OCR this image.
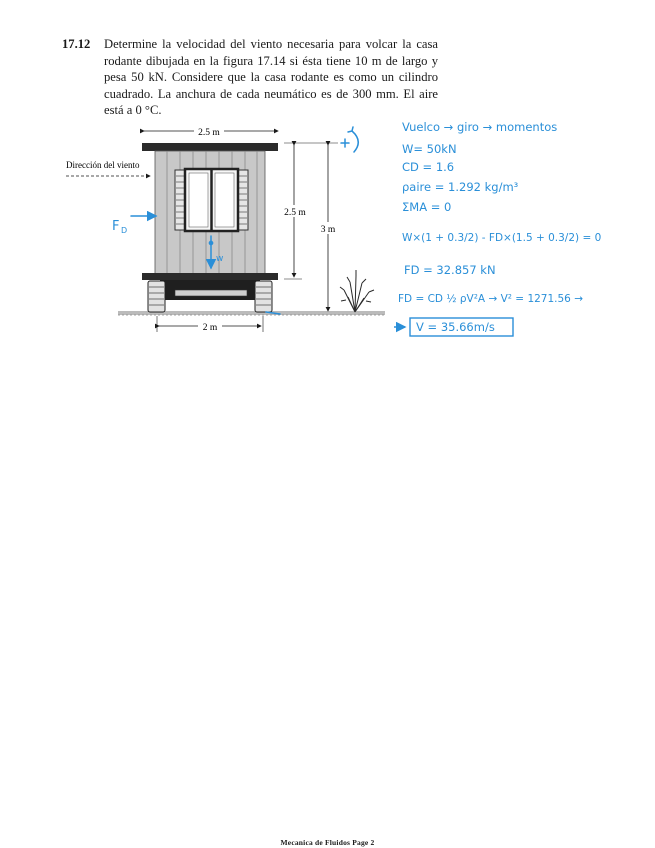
17.12 Determine la velocidad del viento necesaria para volcar la casa rodante dibujada en la figura 17.14 si ésta tiene 10 m de largo y pesa 50 kN. Considere que la casa rodante es como un cilindro cuadrado. La anchura de cada neumático es de 300 mm. El aire está a 0 °C.
2.5 m
2.5 m
3 m
2 m
Dirección del viento
F D
w
Vuelco → giro → momentos
W= 50kN
CD = 1.6
ρaire = 1.292 kg/m³
ΣMA = 0
W×(1 + 0.3/2) - FD×(1.5 + 0.3/2) = 0
FD = 32.857 kN
FD = CD ½ ρV²A → V² = 1271.56 →
V = 35.66m/s
Mecanica de Fluidos Page 2
